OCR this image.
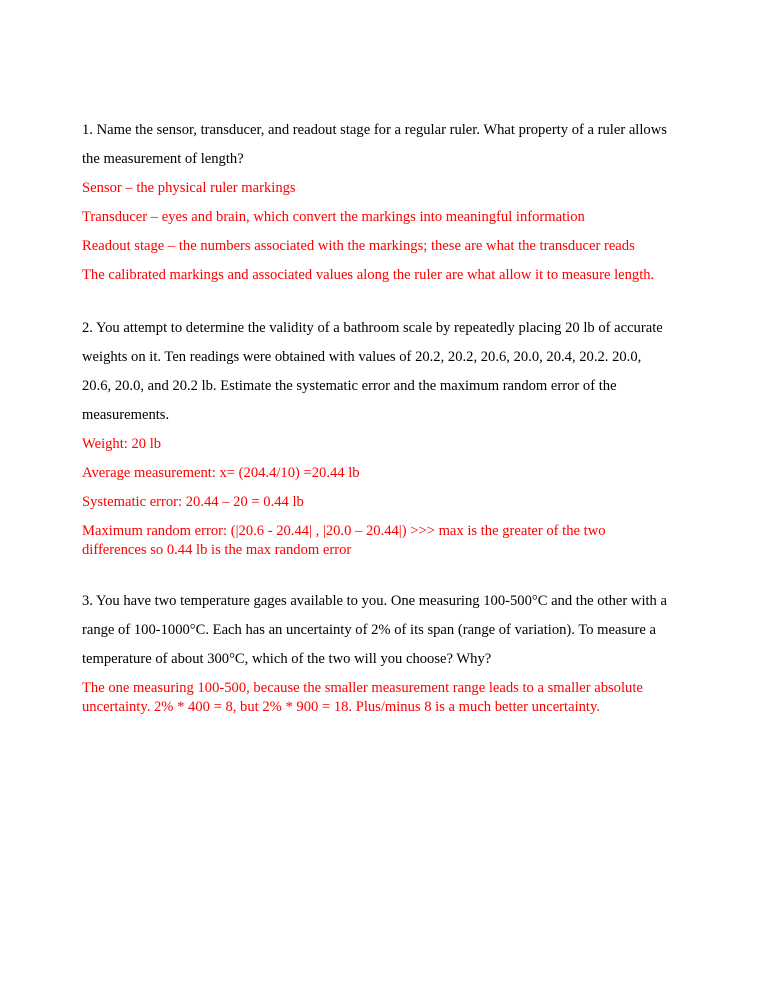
1. Name the sensor, transducer, and readout stage for a regular ruler. What property of a ruler allows the measurement of length?

Sensor – the physical ruler markings

Transducer – eyes and brain, which convert the markings into meaningful information

Readout stage – the numbers associated with the markings; these are what the transducer reads

The calibrated markings and associated values along the ruler are what allow it to measure length.

2. You attempt to determine the validity of a bathroom scale by repeatedly placing 20 lb of accurate weights on it. Ten readings were obtained with values of 20.2, 20.2, 20.6, 20.0, 20.4, 20.2. 20.0, 20.6, 20.0, and 20.2 lb. Estimate the systematic error and the maximum random error of the measurements.

Weight: 20 lb

Average measurement: x= (204.4/10) =20.44 lb

Systematic error: 20.44 – 20 = 0.44 lb

Maximum random error: (|20.6 - 20.44| , |20.0 – 20.44|) >>> max is the greater of the two differences so 0.44 lb is the max random error

3. You have two temperature gages available to you. One measuring 100-500°C and the other with a range of 100-1000°C. Each has an uncertainty of 2% of its span (range of variation). To measure a temperature of about 300°C, which of the two will you choose? Why?

The one measuring 100-500, because the smaller measurement range leads to a smaller absolute uncertainty. 2% * 400 = 8, but 2% * 900 = 18. Plus/minus 8 is a much better uncertainty.
